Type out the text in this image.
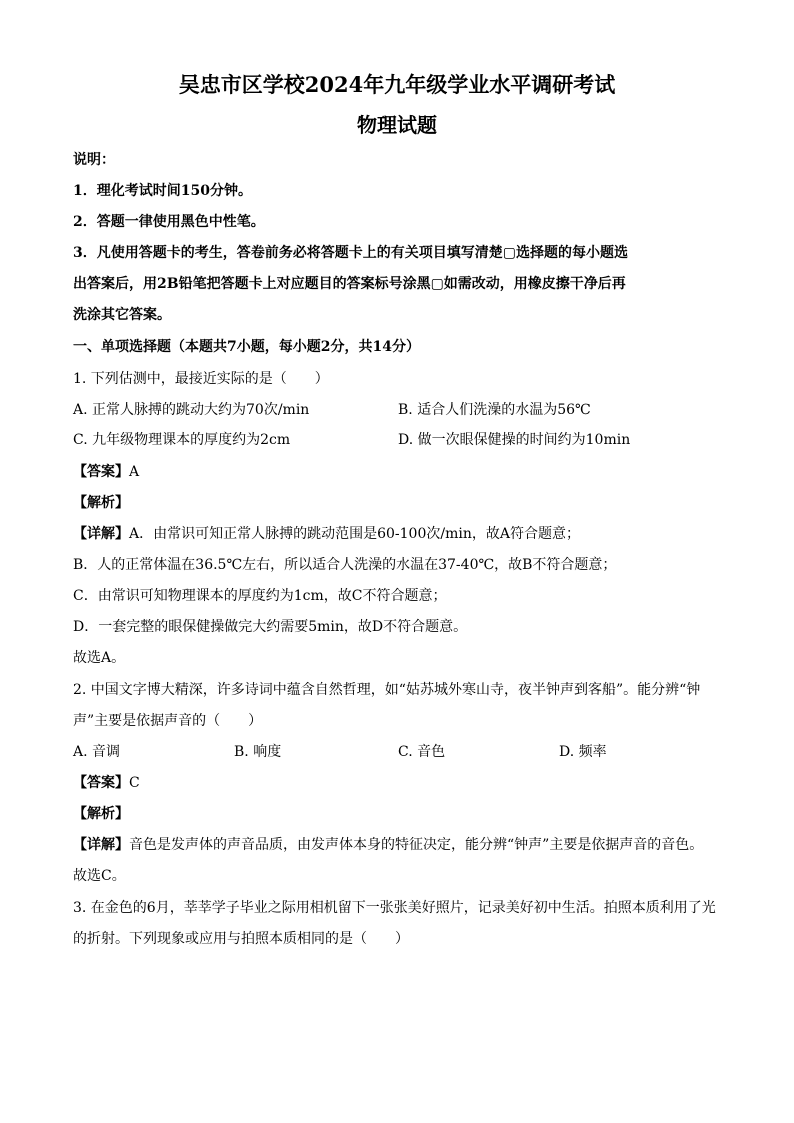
吴忠市区学校2024年九年级学业水平调研考试
物理试题
说明：
1．理化考试时间150分钟。
2．答题一律使用黑色中性笔。
3．凡使用答题卡的考生，答卷前务必将答题卡上的有关项目填写清楚▢选择题的每小题选
出答案后，用2B铅笔把答题卡上对应题目的答案标号涂黑▢如需改动，用橡皮擦干净后再
洗涂其它答案。
一、单项选择题（本题共7小题，每小题2分，共14分）
1. 下列估测中，最接近实际的是（　　）
A. 正常人脉搏的跳动大约为70次/min	B. 适合人们洗澡的水温为56℃
C. 九年级物理课本的厚度约为2cm	D. 做一次眼保健操的时间约为10min
【答案】A
【解析】
【详解】A．由常识可知正常人脉搏的跳动范围是60-100次/min，故A符合题意；
B．人的正常体温在36.5℃左右，所以适合人洗澡的水温在37-40℃，故B不符合题意；
C．由常识可知物理课本的厚度约为1cm，故C不符合题意；
D．一套完整的眼保健操做完大约需要5min，故D不符合题意。
故选A。
2. 中国文字博大精深，许多诗词中蕴含自然哲理，如“姑苏城外寒山寺，夜半钟声到客船”。能分辨“钟
声”主要是依据声音的（　　）
A. 音调	B. 响度	C. 音色	D. 频率
【答案】C
【解析】
【详解】音色是发声体的声音品质，由发声体本身的特征决定，能分辨“钟声”主要是依据声音的音色。
故选C。
3. 在金色的6月，莘莘学子毕业之际用相机留下一张张美好照片，记录美好初中生活。拍照本质利用了光
的折射。下列现象或应用与拍照本质相同的是（　　）
